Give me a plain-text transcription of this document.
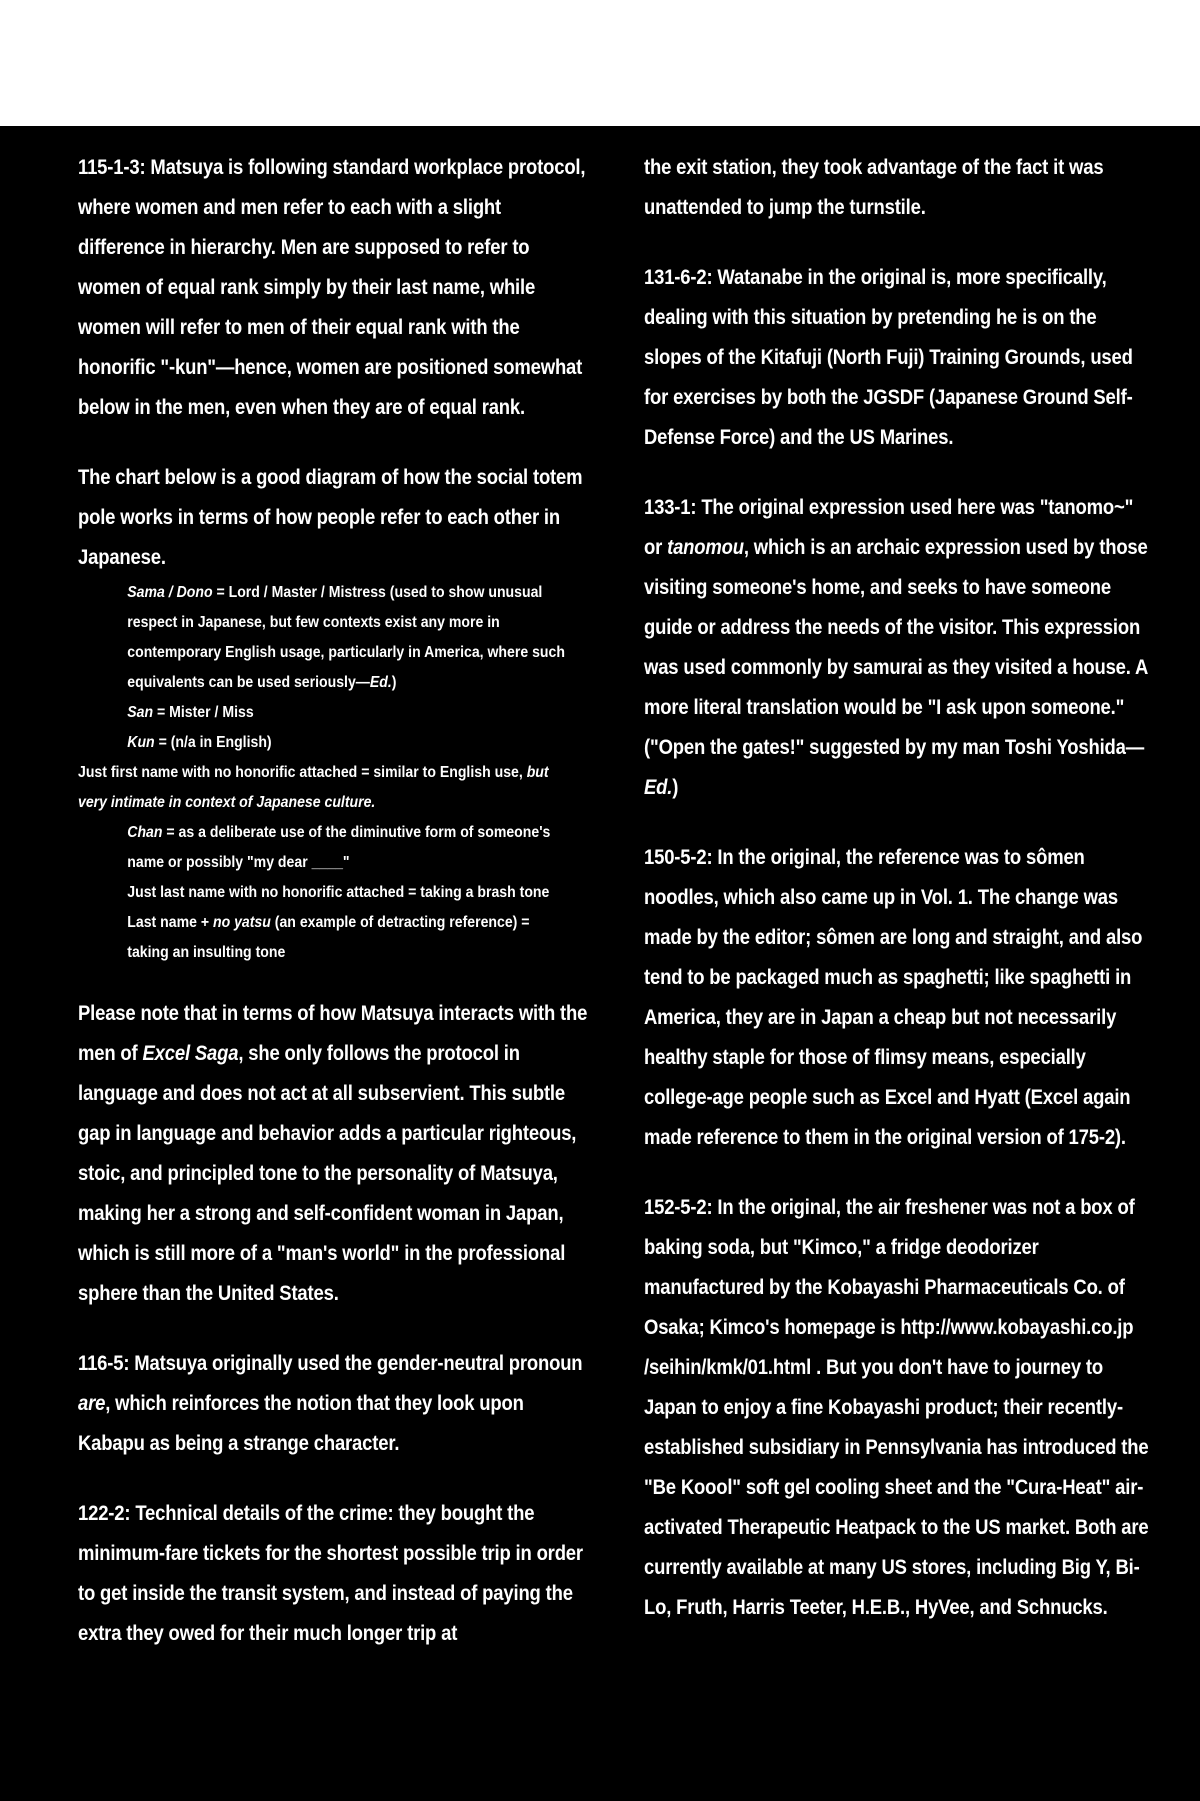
115-1-3: Matsuya is following standard workplace protocol, where women and men refer to each with a slight difference in hierarchy. Men are supposed to refer to women of equal rank simply by their last name, while women will refer to men of their equal rank with the honorific "-kun"—hence, women are positioned somewhat below in the men, even when they are of equal rank.

The chart below is a good diagram of how the social totem pole works in terms of how people refer to each other in Japanese.

Sama / Dono = Lord / Master / Mistress (used to show unusual respect in Japanese, but few contexts exist any more in contemporary English usage, particularly in America, where such equivalents can be used seriously—Ed.)
San = Mister / Miss
Kun = (n/a in English)
Just first name with no honorific attached = similar to English use, but very intimate in context of Japanese culture.
Chan = as a deliberate use of the diminutive form of someone's name or possibly "my dear ____"
Just last name with no honorific attached = taking a brash tone
Last name + no yatsu (an example of detracting reference) = taking an insulting tone

Please note that in terms of how Matsuya interacts with the men of Excel Saga, she only follows the protocol in language and does not act at all subservient. This subtle gap in language and behavior adds a particular righteous, stoic, and principled tone to the personality of Matsuya, making her a strong and self-confident woman in Japan, which is still more of a "man's world" in the professional sphere than the United States.

116-5: Matsuya originally used the gender-neutral pronoun are, which reinforces the notion that they look upon Kabapu as being a strange character.

122-2: Technical details of the crime: they bought the minimum-fare tickets for the shortest possible trip in order to get inside the transit system, and instead of paying the extra they owed for their much longer trip at

the exit station, they took advantage of the fact it was unattended to jump the turnstile.

131-6-2: Watanabe in the original is, more specifically, dealing with this situation by pretending he is on the slopes of the Kitafuji (North Fuji) Training Grounds, used for exercises by both the JGSDF (Japanese Ground Self-Defense Force) and the US Marines.

133-1: The original expression used here was "tanomo~" or tanomou, which is an archaic expression used by those visiting someone's home, and seeks to have someone guide or address the needs of the visitor. This expression was used commonly by samurai as they visited a house. A more literal translation would be "I ask upon someone." ("Open the gates!" suggested by my man Toshi Yoshida—Ed.)

150-5-2: In the original, the reference was to sômen noodles, which also came up in Vol. 1. The change was made by the editor; sômen are long and straight, and also tend to be packaged much as spaghetti; like spaghetti in America, they are in Japan a cheap but not necessarily healthy staple for those of flimsy means, especially college-age people such as Excel and Hyatt (Excel again made reference to them in the original version of 175-2).

152-5-2: In the original, the air freshener was not a box of baking soda, but "Kimco," a fridge deodorizer manufactured by the Kobayashi Pharmaceuticals Co. of Osaka; Kimco's homepage is http://www.kobayashi.co.jp /seihin/kmk/01.html . But you don't have to journey to Japan to enjoy a fine Kobayashi product; their recently-established subsidiary in Pennsylvania has introduced the "Be Koool" soft gel cooling sheet and the "Cura-Heat" air-activated Therapeutic Heatpack to the US market. Both are currently available at many US stores, including Big Y, Bi-Lo, Fruth, Harris Teeter, H.E.B., HyVee, and Schnucks.
